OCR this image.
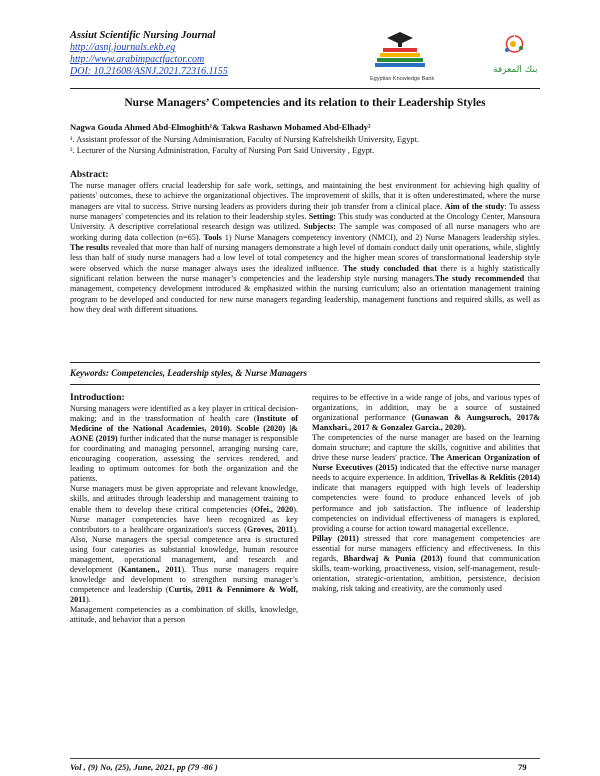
Assiut Scientific Nursing Journal
http://asnj.journals.ekb.eg
http://www.arabimpactfactor.com
DOI: 10.21608/ASNJ.2021.72316.1155	بنك المعرفة
Egyptian Knowledge Bank
Nurse Managers’ Competencies and its relation to their Leadership Styles
Nagwa Gouda Ahmed Abd-Elmoghith¹& Takwa Rashawn Mohamed Abd-Elhady²
¹. Assistant professor of the Nursing Administration, Faculty of Nursing Kafrelsheikh University, Egypt.
². Lecturer of the Nursing Administration, Faculty of Nursing Port Said University , Egypt.
Abstract:
The nurse manager offers crucial leadership for safe work, settings, and maintaining the best environment for achieving high quality of patients' outcomes, these to achieve the organizational objectives. The improvement of skills, that it is often underestimated, where the nurse managers are vital to success. Strive nursing leaders as providers during their job transfer from a clinical place. Aim of the study: To assess nurse managers' competencies and its relation to their leadership styles. Setting: This study was conducted at the Oncology Center, Mansoura University. A descriptive correlational research design was utilized. Subjects: The sample was composed of all nurse managers who are working during data collection (n=65). Tools 1) Nurse Managers competency inventory (NMCI), and 2) Nurse Managers leadership styles. The results revealed that more than half of nursing managers demonstrate a high level of domain conduct daily unit operations, while, slightly less than half of study nurse managers had a low level of total competency and the higher mean scores of transformational leadership style were observed which the nurse manager always uses the idealized influence. The study concluded that there is a highly statistically significant relation between the nurse manager’s competencies and the leadership style nursing managers.The study recommended that management, competency development introduced & emphasized within the nursing curriculum; also an orientation management training program to be developed and conducted for new nurse managers regarding leadership, management functions and required skills, as well as how they deal with different situations.
Keywords: Competencies, Leadership styles, & Nurse Managers
Introduction:

Nursing managers were identified as a key player in critical decision-making; and in the transformation of health care (Institute of Medicine of the National Academies, 2010). Scoble (2020) |& AONE (2019) further indicated that the nurse manager is responsible for coordinating and managing personnel, arranging nursing care, encouraging cooperation, assessing the services rendered, and leading to optimum outcomes for both the organization and the patients.

Nurse managers must be given appropriate and relevant knowledge, skills, and attitudes through leadership and management training to enable them to develop these critical competencies (Ofei., 2020). Nurse manager competencies have been recognized as key contributors to a healthcare organization's success (Groves, 2011). Also, Nurse managers the special competence area is structured using four categories as substantial knowledge, human resource management, operational management, and research and development (Kantanen., 2011). Thus nurse managers require knowledge and development to strengthen nursing manager’s competence and leadership (Curtis, 2011 & Fennimore & Wolf, 2011).

Management competencies as a combination of skills, knowledge, attitude, and behavior that a person

requires to be effective in a wide range of jobs, and various types of organizations, in addition, may be a source of sustained organizational performance (Gunawan & Aungsuroch, 2017& Manxhari., 2017 & Gonzalez Garcia., 2020).

The competencies of the nurse manager are based on the learning domain structure; and capture the skills, cognitive and abilities that drive these nurse leaders' practice. The American Organization of Nurse Executives (2015) indicated that the effective nurse manager needs to acquire experience. In addition, Trivellas & Reklitis (2014) indicate that managers equipped with high levels of leadership competencies were found to produce enhanced levels of job performance and job satisfaction. The influence of leadership competencies on individual effectiveness of managers is explored, providing a course for action toward managerial excellence.

Pillay (2011) stressed that core management competencies are essential for nurse managers efficiency and effectiveness. In this regards, Bhardwaj & Punia (2013) found that communication skills, team-working, proactiveness, vision, self-management, result-orientation, strategic-orientation, ambition, persistence, decision making, risk taking and creativity, are the commonly used

Vol , (9) No, (25), June, 2021, pp (79 -86 )	79
